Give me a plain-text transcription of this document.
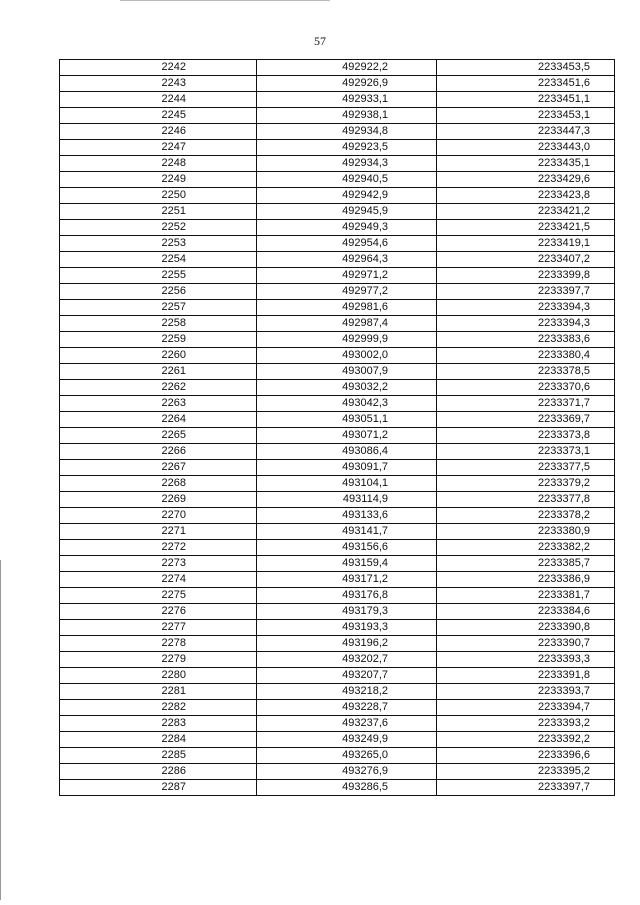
57
2242	492922,2	2233453,5
2243	492926,9	2233451,6
2244	492933,1	2233451,1
2245	492938,1	2233453,1
2246	492934,8	2233447,3
2247	492923,5	2233443,0
2248	492934,3	2233435,1
2249	492940,5	2233429,6
2250	492942,9	2233423,8
2251	492945,9	2233421,2
2252	492949,3	2233421,5
2253	492954,6	2233419,1
2254	492964,3	2233407,2
2255	492971,2	2233399,8
2256	492977,2	2233397,7
2257	492981,6	2233394,3
2258	492987,4	2233394,3
2259	492999,9	2233383,6
2260	493002,0	2233380,4
2261	493007,9	2233378,5
2262	493032,2	2233370,6
2263	493042,3	2233371,7
2264	493051,1	2233369,7
2265	493071,2	2233373,8
2266	493086,4	2233373,1
2267	493091,7	2233377,5
2268	493104,1	2233379,2
2269	493114,9	2233377,8
2270	493133,6	2233378,2
2271	493141,7	2233380,9
2272	493156,6	2233382,2
2273	493159,4	2233385,7
2274	493171,2	2233386,9
2275	493176,8	2233381,7
2276	493179,3	2233384,6
2277	493193,3	2233390,8
2278	493196,2	2233390,7
2279	493202,7	2233393,3
2280	493207,7	2233391,8
2281	493218,2	2233393,7
2282	493228,7	2233394,7
2283	493237,6	2233393,2
2284	493249,9	2233392,2
2285	493265,0	2233396,6
2286	493276,9	2233395,2
2287	493286,5	2233397,7
